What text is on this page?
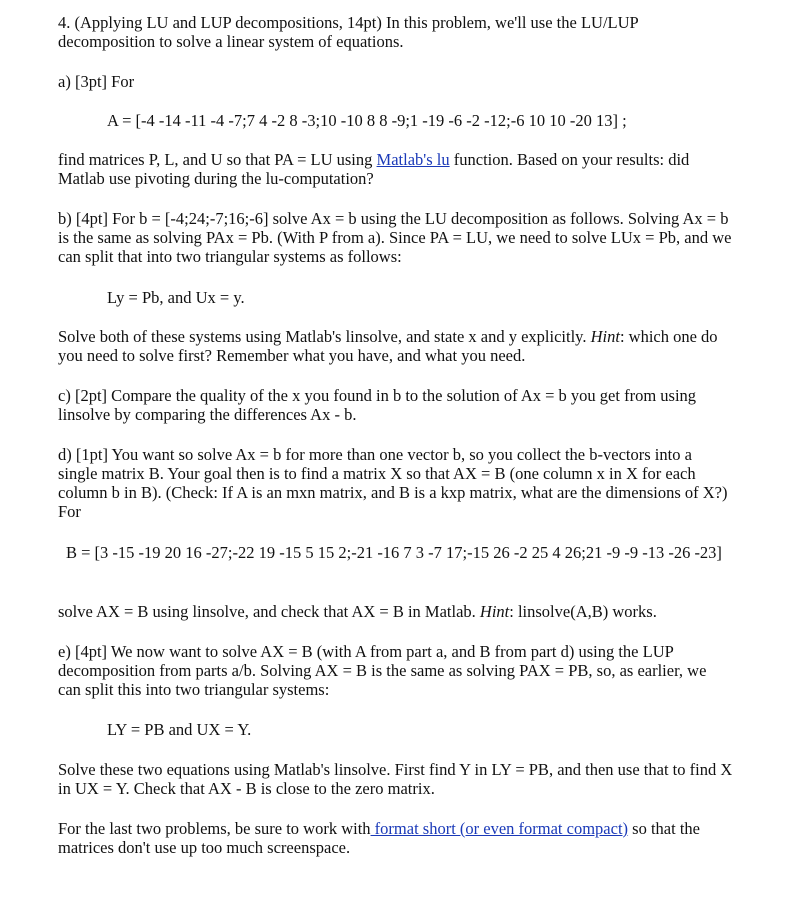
4. (Applying LU and LUP decompositions, 14pt) In this problem, we'll use the LU/LUP decomposition to solve a linear system of equations.

a) [3pt] For

A = [-4 -14 -11 -4 -7;7 4 -2 8 -3;10 -10 8 8 -9;1 -19 -6 -2 -12;-6 10 10 -20 13] ;

find matrices P, L, and U so that PA = LU using Matlab's lu function. Based on your results: did Matlab use pivoting during the lu-computation?

b) [4pt] For b = [-4;24;-7;16;-6] solve Ax = b using the LU decomposition as follows. Solving Ax = b is the same as solving PAx = Pb. (With P from a). Since PA = LU, we need to solve LUx = Pb, and we can split that into two triangular systems as follows:

Ly = Pb, and Ux = y.

Solve both of these systems using Matlab's linsolve, and state x and y explicitly. Hint: which one do you need to solve first? Remember what you have, and what you need.

c) [2pt] Compare the quality of the x you found in b to the solution of Ax = b you get from using linsolve by comparing the differences Ax - b.

d) [1pt] You want so solve Ax = b for more than one vector b, so you collect the b-vectors into a single matrix B. Your goal then is to find a matrix X so that AX = B (one column x in X for each column b in B). (Check: If A is an mxn matrix, and B is a kxp matrix, what are the dimensions of X?) For

B = [3 -15 -19 20 16 -27;-22 19 -15 5 15 2;-21 -16 7 3 -7 17;-15 26 -2 25 4 26;21 -9 -9 -13 -26 -23]

solve AX = B using linsolve, and check that AX = B in Matlab. Hint: linsolve(A,B) works.

e) [4pt] We now want to solve AX = B (with A from part a, and B from part d) using the LUP decomposition from parts a/b. Solving AX = B is the same as solving PAX = PB, so, as earlier, we can split this into two triangular systems:

LY = PB and UX = Y.

Solve these two equations using Matlab's linsolve. First find Y in LY = PB, and then use that to find X in UX = Y. Check that AX - B is close to the zero matrix.

For the last two problems, be sure to work with format short (or even format compact) so that the matrices don't use up too much screenspace.
